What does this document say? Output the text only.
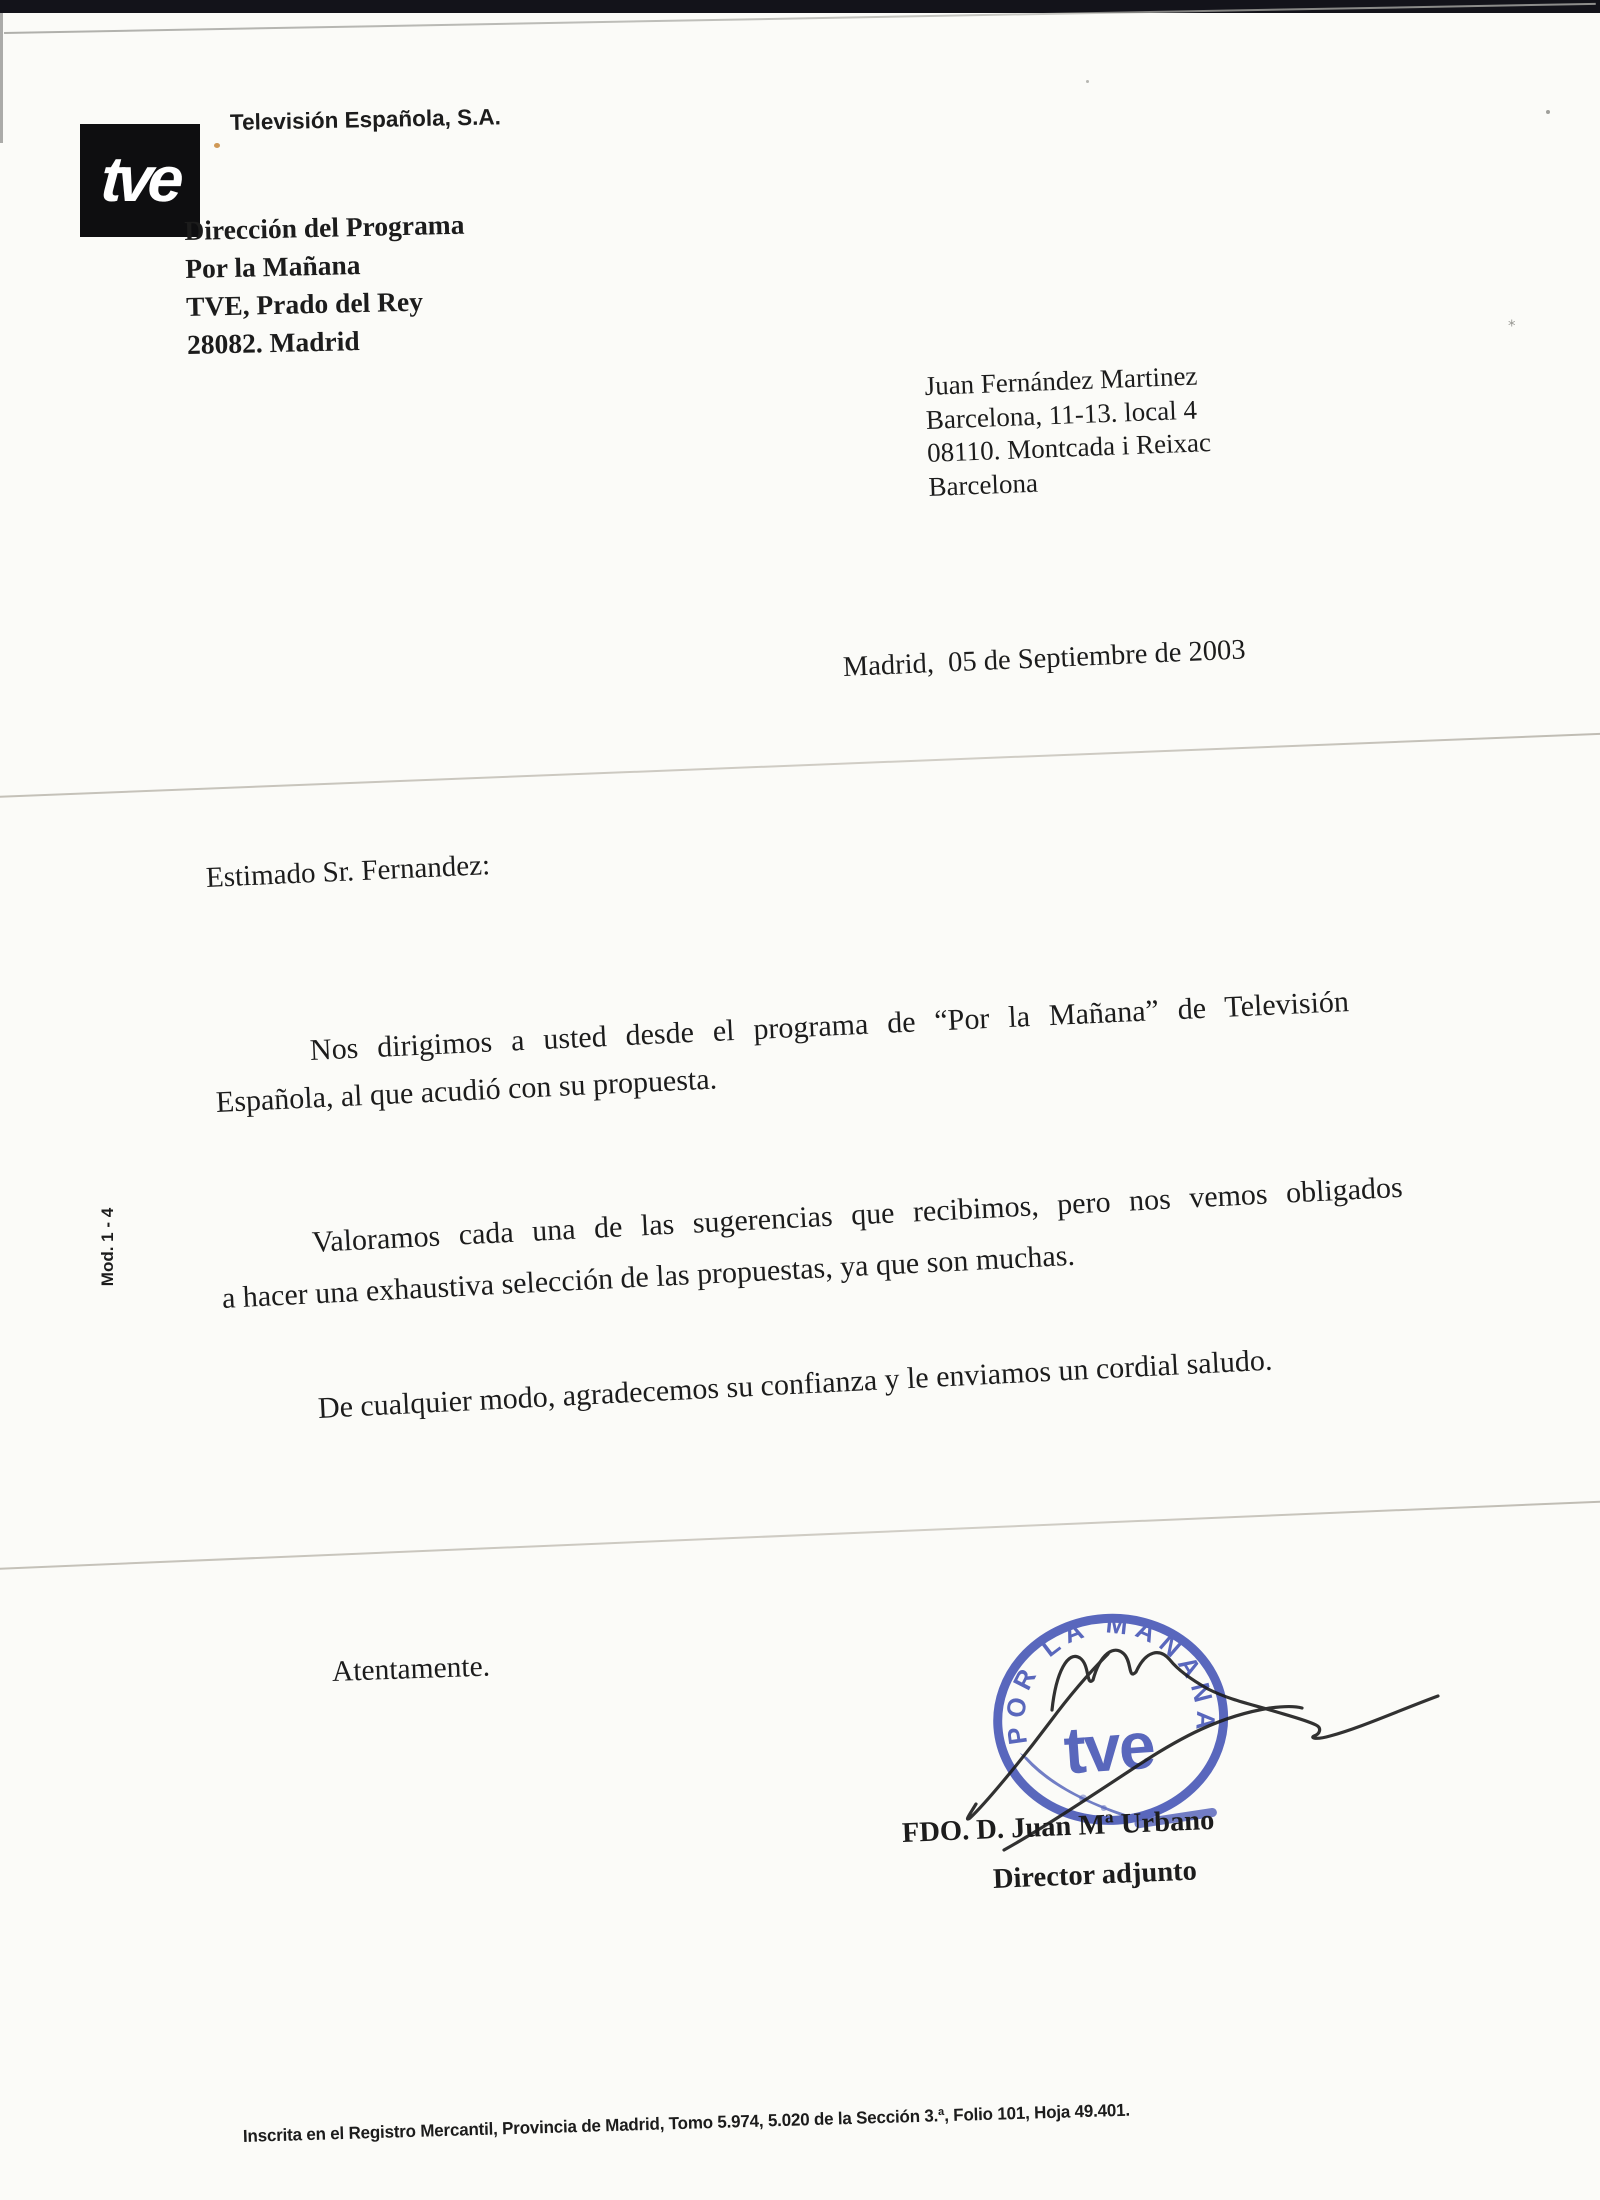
⁎
tve
Televisión Española, S.A.
Dirección del Programa
Por la Mañana
TVE, Prado del Rey
28082. Madrid
Juan Fernández Martinez
Barcelona, 11-13. local 4
08110. Montcada i Reixac
Barcelona
Madrid,  05 de Septiembre de 2003
Estimado Sr. Fernandez:
Nos dirigimos a usted desde el programa de “Por la Mañana” de Televisión
Española, al que acudió con su propuesta.
Valoramos cada una de las sugerencias que recibimos, pero nos vemos obligados
a hacer una exhaustiva selección de las propuestas, ya que son muchas.
De cualquier modo, agradecemos su confianza y le enviamos un cordial saludo.
Atentamente.
POR LA MAÑANA
tve
FDO. D. Juan Mª Urbano
Director adjunto
Mod. 1 - 4
Inscrita en el Registro Mercantil, Provincia de Madrid, Tomo 5.974, 5.020 de la Sección 3.ª, Folio 101, Hoja 49.401.
